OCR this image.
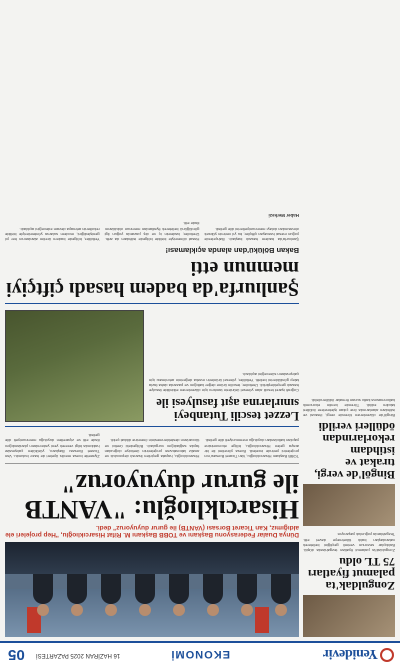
Yenidevir
EKONOMİ
16 HAZİRAN 2025 PAZARTESİ
05
Zonguldak'ta palamut fiyatları 75 TL oldu

Zonguldak'ta palamut fiyatları tezgahlarda düştü. Balıkçılar sezonun verimli geçtiğini belirterek vatandaşları balık tüketmeye davet etti. Tezgahlarda yoğunluk yaşanıyor.

Bingöl'de vergi, tırakat ve istihdam rekorlarından ödülleri verildi

Bingöl'de düzenlenen törende vergi, ihracat ve istihdam alanlarında öne çıkan işletmelere ödülleri takdim edildi. Törende kentin ekonomik kalkınmasına katkı sunan firmalar ödüllendirildi.

Dünya Dualar Federasyonu Başkanı ve TOBB Başkanı M. Rifat Hisarcıklıoğlu, "Hep projeleri ele aldığımız, Kan Ticaret Borsası (VANTB) ile gurur duyuyoruz" dedi.
Hisarcıklıoğlu: "VANTB ile gurur duyuyoruz"
TOBB Başkanı Hisarcıklıoğlu, Van Ticaret Borsası'nın projelerini yerinde inceledi. Borsa yönetimi ile bir araya gelen Hisarcıklıoğlu, bölge ekonomisine yapılan katkılardan duyduğu memnuniyeti dile getirdi.
Hisarcıklıoğlu, hayata geçirilen lisanslı depoculuk ve analiz laboratuvarı projelerinin üreticiye doğrudan fayda sağladığını vurguladı. Bölgedeki üretici ve tüccarların desteklenmesinin önemine dikkat çekti.
Ziyarette borsa meclis üyeleri de hazır bulundu. Van Ticaret Borsası Başkanı, yürütülen çalışmalar hakkında bilgi vererek yeni yatırımların planlandığını ifade etti ve ziyaretten duyduğu memnuniyeti dile getirdi.
Lezzet tescili Tutanbeyi sınırlarına aşıt fasulyesi ile
Coğrafi işaret tescili alan yöresel ürünlerin tanıtımı için düzenlenen etkinlikte fasulye hasadı gerçekleştirildi. Üreticiler, tescilin ürüne değer kattığını ve pazarda daha fazla talep gördüklerini belirtti. Yetkililer, yöresel ürünlerin marka değerinin artırılması için çalışmaların süreceğini açıkladı.
Şanlıurfa'da badem hasadı çiftçiyi memnun etti
Bakan Bölükü'dan alanda açıklaması!
Şanlıurfa'da badem hasadı başladı. Bahçelerde yoğun mesai harcayan çiftçiler, bu yıl verimin yüksek olmasından dolayı memnuniyetlerini dile getirdi.
Hasat dönemiyle birlikte bölgede istihdam da arttı. Üreticiler, bademin iç ve dış pazarda yoğun ilgi gördüğünü belirterek fiyatlardan memnun olduklarını ifade etti.
Yetkililer, bölgede badem üretim alanlarının her yıl genişlediğini, modern sulama yöntemleriyle birlikte rekoltenin artmaya devam edeceğini açıkladı.
Haber Merkezi
